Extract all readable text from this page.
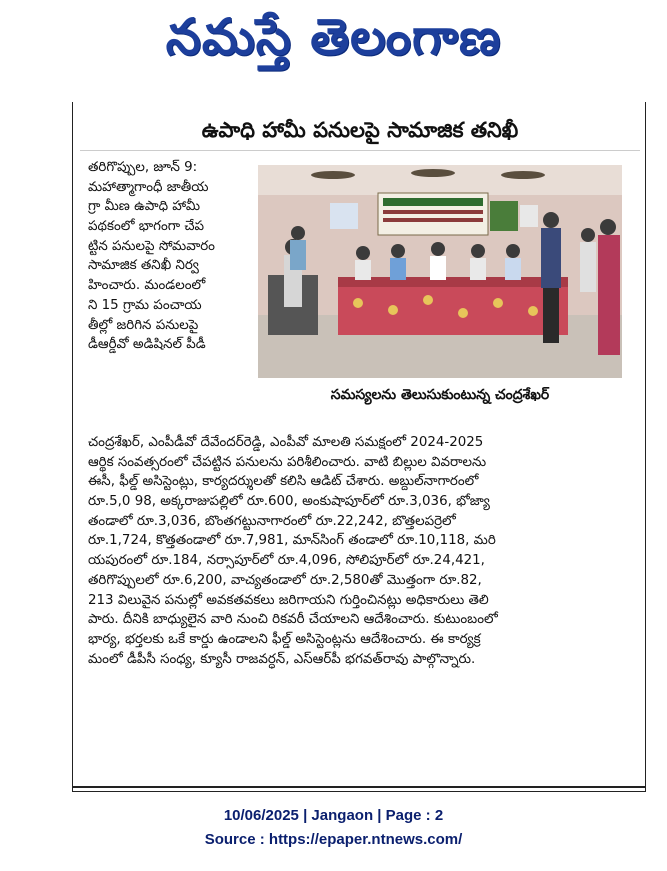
నమస్తే తెలంగాణ
ఉపాధి హామీ పనులపై సామాజిక తనిఖీ
సమస్యలను తెలుసుకుంటున్న చంద్రశేఖర్
తరిగొప్పుల, జూన్ 9:
మహాత్మాగాంధీ జాతీయ
గ్రా మీణ ఉపాధి హామీ
పథకంలో భాగంగా చేప
ట్టిన పనులపై సోమవారం
సామాజిక తనిఖీ నిర్వ
హించారు. మండలంలో
ని 15 గ్రామ పంచాయ
తీల్లో జరిగిన పనులపై
డీఆర్డీవో అడిషినల్ పీడీ
చంద్రశేఖర్, ఎంపీడీవో దేవేందర్‌రెడ్డి, ఎంపీవో మాలతి సమక్షంలో 2024-2025
ఆర్థిక సంవత్సరంలో చేపట్టిన పనులను పరిశీలించారు. వాటి బిల్లుల వివరాలను
ఈసీ, ఫీల్డ్ అసిస్టెంట్లు, కార్యదర్శులతో కలిసి ఆడిట్ చేశారు. అబ్దుల్‌నాగారంలో
రూ.5,0 98, అక్కరాజుపల్లిలో రూ.600, అంకుషాపూర్‌లో రూ.3,036, భోజ్యా
తండాలో రూ.3,036, బొంతగట్టునాగారంలో రూ.22,242, బొత్తలపర్రెలో
రూ.1,724, కొత్తతండాలో రూ.7,981, మాన్‌సింగ్ తండాలో రూ.10,118, మరి
యపురంలో రూ.184, నర్సాపూర్‌లో రూ.4,096, సోలిపూర్‌లో రూ.24,421,
తరిగొప్పులలో రూ.6,200, వాచ్యతండాలో రూ.2,580తో మొత్తంగా రూ.82,
213 విలువైన పనుల్లో అవకతవకలు జరిగాయని గుర్తించినట్లు అధికారులు తెలి
పారు. దీనికి బాధ్యులైన వారి నుంచి రికవరీ చేయాలని ఆదేశించారు. కుటుంబంలో
భార్య, భర్తలకు ఒకే కార్డు ఉండాలని ఫీల్డ్ అసిస్టెంట్లను ఆదేశించారు. ఈ కార్యక్ర
మంలో డీపీసీ సంధ్య, క్యూసీ రాజవర్ధన్, ఎస్ఆర్‌పీ భగవత్‌రావు పాల్గొన్నారు.
10/06/2025 | Jangaon | Page : 2
Source : https://epaper.ntnews.com/
